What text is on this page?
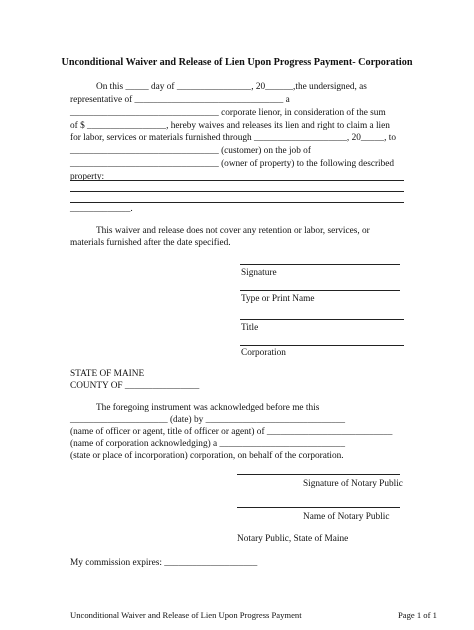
Unconditional Waiver and Release of Lien Upon Progress Payment- Corporation
On this _____ day of ________________, 20______,the undersigned, as
representative of ________________________________ a
________________________________ corporate lienor, in consideration of the sum
of $ _________________, hereby waives and releases its lien and right to claim a lien
for labor, services or materials furnished through ____________________, 20_____, to
________________________________ (customer) on the job of
________________________________ (owner of property) to the following described
property:
_____________.
This waiver and release does not cover any retention or labor, services, or
materials furnished after the date specified.
Signature
Type or Print Name
Title
Corporation
STATE OF MAINE
COUNTY OF ________________
The foregoing instrument was acknowledged before me this
_____________________ (date) by ______________________________
(name of officer or agent, title of officer or agent) of ___________________________
(name of corporation acknowledging) a ___________________________
(state or place of incorporation) corporation, on behalf of the corporation.
Signature of Notary Public
Name of Notary Public
Notary Public, State of Maine
My commission expires: ____________________
Unconditional Waiver and Release of Lien Upon Progress Payment	Page 1 of 1
